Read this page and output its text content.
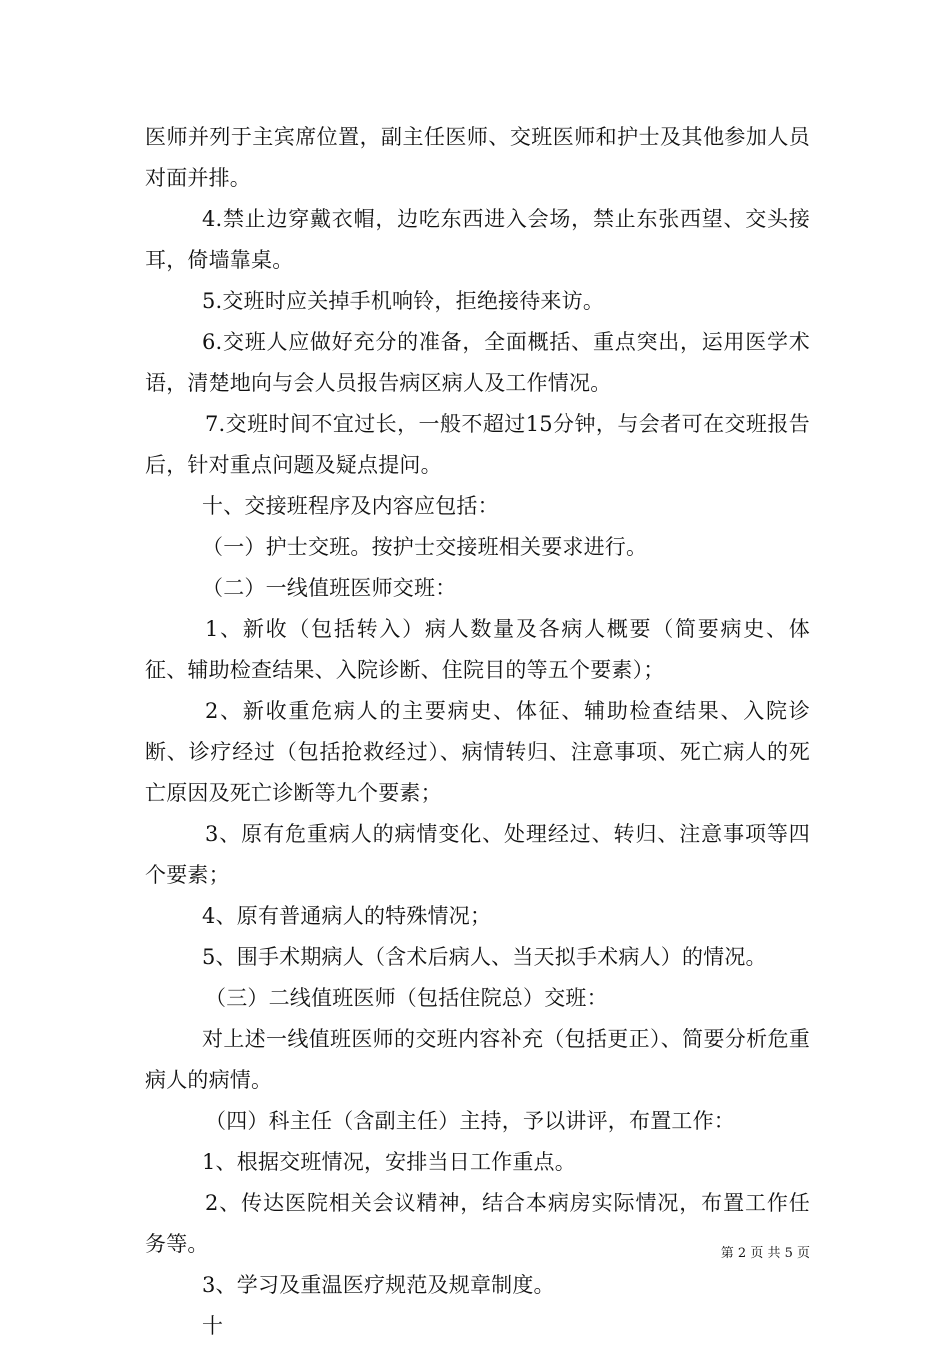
医师并列于主宾席位置，副主任医师、交班医师和护士及其他参加人员对面并排。

4.禁止边穿戴衣帽，边吃东西进入会场，禁止东张西望、交头接耳，倚墙靠桌。

5.交班时应关掉手机响铃，拒绝接待来访。

6.交班人应做好充分的准备，全面概括、重点突出，运用医学术语，清楚地向与会人员报告病区病人及工作情况。

7.交班时间不宜过长，一般不超过15分钟，与会者可在交班报告后，针对重点问题及疑点提问。

十、交接班程序及内容应包括：

（一）护士交班。按护士交接班相关要求进行。

（二）一线值班医师交班：

1、新收（包括转入）病人数量及各病人概要（简要病史、体征、辅助检查结果、入院诊断、住院目的等五个要素）；

2、新收重危病人的主要病史、体征、辅助检查结果、入院诊断、诊疗经过（包括抢救经过）、病情转归、注意事项、死亡病人的死亡原因及死亡诊断等九个要素；

3、原有危重病人的病情变化、处理经过、转归、注意事项等四个要素；

4、原有普通病人的特殊情况；

5、围手术期病人（含术后病人、当天拟手术病人）的情况。

（三）二线值班医师（包括住院总）交班：

对上述一线值班医师的交班内容补充（包括更正）、简要分析危重病人的病情。

（四）科主任（含副主任）主持，予以讲评，布置工作：

1、根据交班情况，安排当日工作重点。

2、传达医院相关会议精神，结合本病房实际情况，布置工作任务等。

3、学习及重温医疗规范及规章制度。

十

第 2 页 共 5 页
